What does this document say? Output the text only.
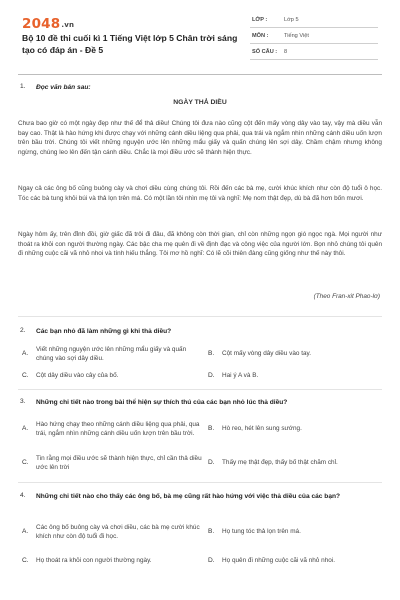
2048.vn
Bộ 10 đề thi cuối kì 1 Tiếng Việt lớp 5 Chân trời sáng tạo có đáp án - Đề 5
LỚP :	Lớp 5
MÔN :	Tiếng Việt
SỐ CÂU :	8
1. Đọc văn bản sau:
NGÀY THẢ DIỀU
Chưa bao giờ có một ngày đẹp như thế để thả diều! Chúng tôi đưa nào cũng cột đến mấy vòng dây vào tay, vậy mà diều vẫn bay cao. Thật là hào hứng khi được chạy với những cánh diều liệng qua phải, qua trái và ngắm nhìn những cánh diều uốn lượn trên bầu trời. Chúng tôi viết những nguyện ước lên những mẩu giấy và quấn chúng lên sợi dây. Chầm chậm nhưng không ngừng, chúng leo lên đến tận cánh diều. Chắc là mọi điều ước sẽ thành hiện thực.
Ngay cả các ông bố cũng buông cày và chơi diều cùng chúng tôi. Rồi đến các bà mẹ, cười khúc khích như còn độ tuổi ô học. Tóc các bà tung khỏi búi và thả lọn trên má. Có một lần tôi nhìn mẹ tôi và nghĩ: Mẹ nom thật đẹp, dù bà đã hơn bốn mươi.
Ngày hôm ấy, trên đỉnh đồi, giờ giấc đã trôi đi đâu, đã không còn thời gian, chỉ còn những ngọn gió ngọc ngà. Mọi người như thoát ra khỏi con người thường ngày. Các bậc cha mẹ quên đi về định đạc và công việc của người lớn. Bọn nhỏ chúng tôi quên đi những cuộc cãi vã nhỏ nhoi và tính hiếu thắng. Tôi mơ hồ nghĩ: Có lẽ cõi thiên đàng cũng giống như thế này thôi.
(Theo Fran-xit Phao-lơ)
2. Các bạn nhỏ đã làm những gì khi thả diều?
A.
Viết những nguyện ước lên những mẩu giấy và quấn chúng vào sợi dây diều.
B.	Cột mấy vòng dây diều vào tay.
C.	Cột dây diều vào cây của bố.	D.	Hai ý A và B.
3. Những chi tiết nào trong bài thể hiện sự thích thú của các bạn nhỏ lúc thả diều?
A.
Hào hứng chạy theo những cánh diều liệng qua phải, qua trái, ngắm nhìn những cánh diều uốn lượn trên bầu trời.
B.	Hò reo, hét lên sung sướng.
C.
Tin rằng mọi điều ước sẽ thành hiện thực, chỉ cần thả diều ước lên trời
D.	Thấy mẹ thật đẹp, thấy bố thật chăm chỉ.
4. Những chi tiết nào cho thấy các ông bố, bà mẹ cũng rất hào hứng với việc thả diều của các bạn?
A.
Các ông bố buông cày và chơi diều, các bà mẹ cười khúc khích như còn độ tuổi đi học.
B.	Họ tung tóc thả lọn trên má.
C.	Họ thoát ra khỏi con người thường ngày.	D.	Họ quên đi những cuộc cãi vã nhỏ nhoi.
